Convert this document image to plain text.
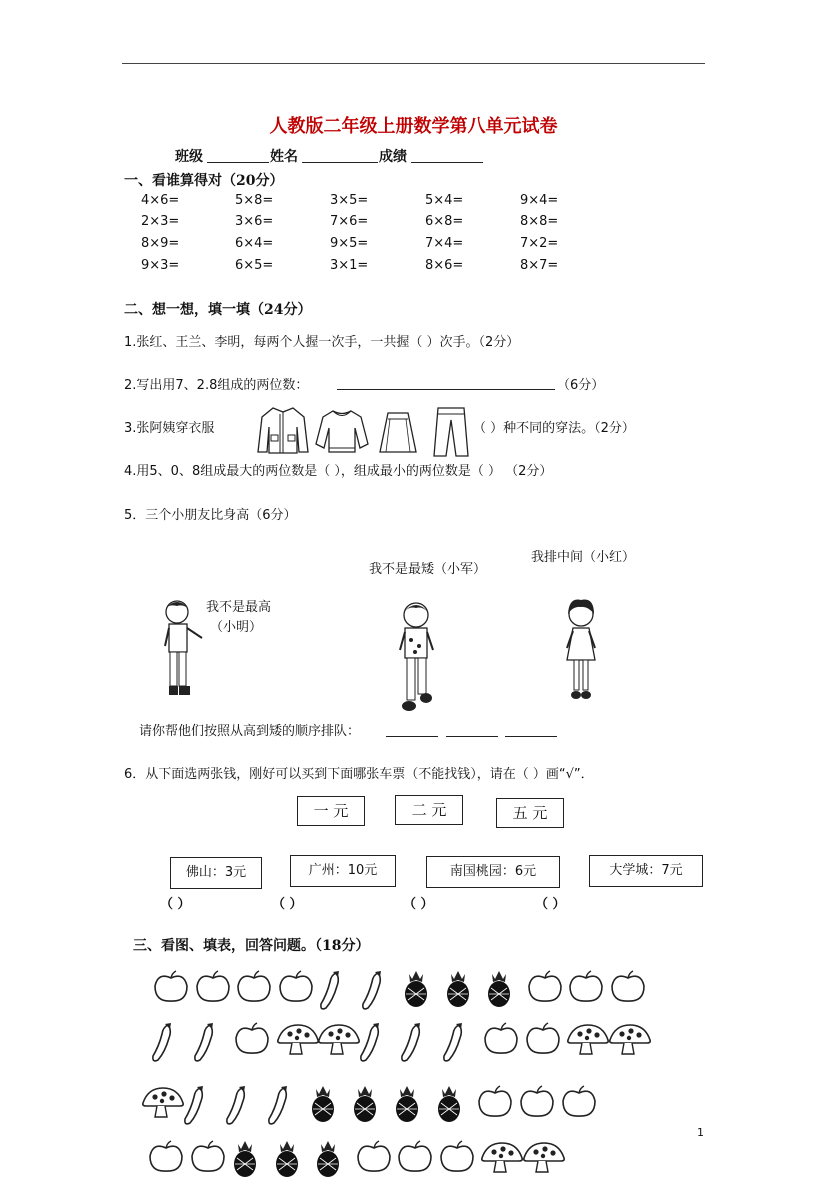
人教版二年级上册数学第八单元试卷
班级	姓名	成绩
一、看谁算得对（20分）
4×6=	5×8=	3×5=	5×4=	9×4=
2×3=	3×6=	7×6=	6×8=	8×8=
8×9=	6×4=	9×5=	7×4=	7×2=
9×3=	6×5=	3×1=	8×6=	8×7=
二、想一想，填一填（24分）
1.张红、王兰、李明，每两个人握一次手，一共握（ ）次手。（2分）
2.写出用7、2.8组成的两位数：	（6分）
3.张阿姨穿衣服	（ ）种不同的穿法。（2分）
4.用5、0、8组成最大的两位数是（ ），组成最小的两位数是（ ） （2分）
5．三个小朋友比身高（6分）
我不是最矮（小军）
我排中间（小红）
我不是最高
（小明）
请你帮他们按照从高到矮的顺序排队：
6．从下面选两张钱，刚好可以买到下面哪张车票（不能找钱），请在（ ）画“√”．
一 元	二 元	五 元
佛山：3元	广州：10元	南国桃园：6元	大学城：7元
（ ）	（ ）	（ ）	（ ）
三、看图、填表，回答问题。（18分）
1
